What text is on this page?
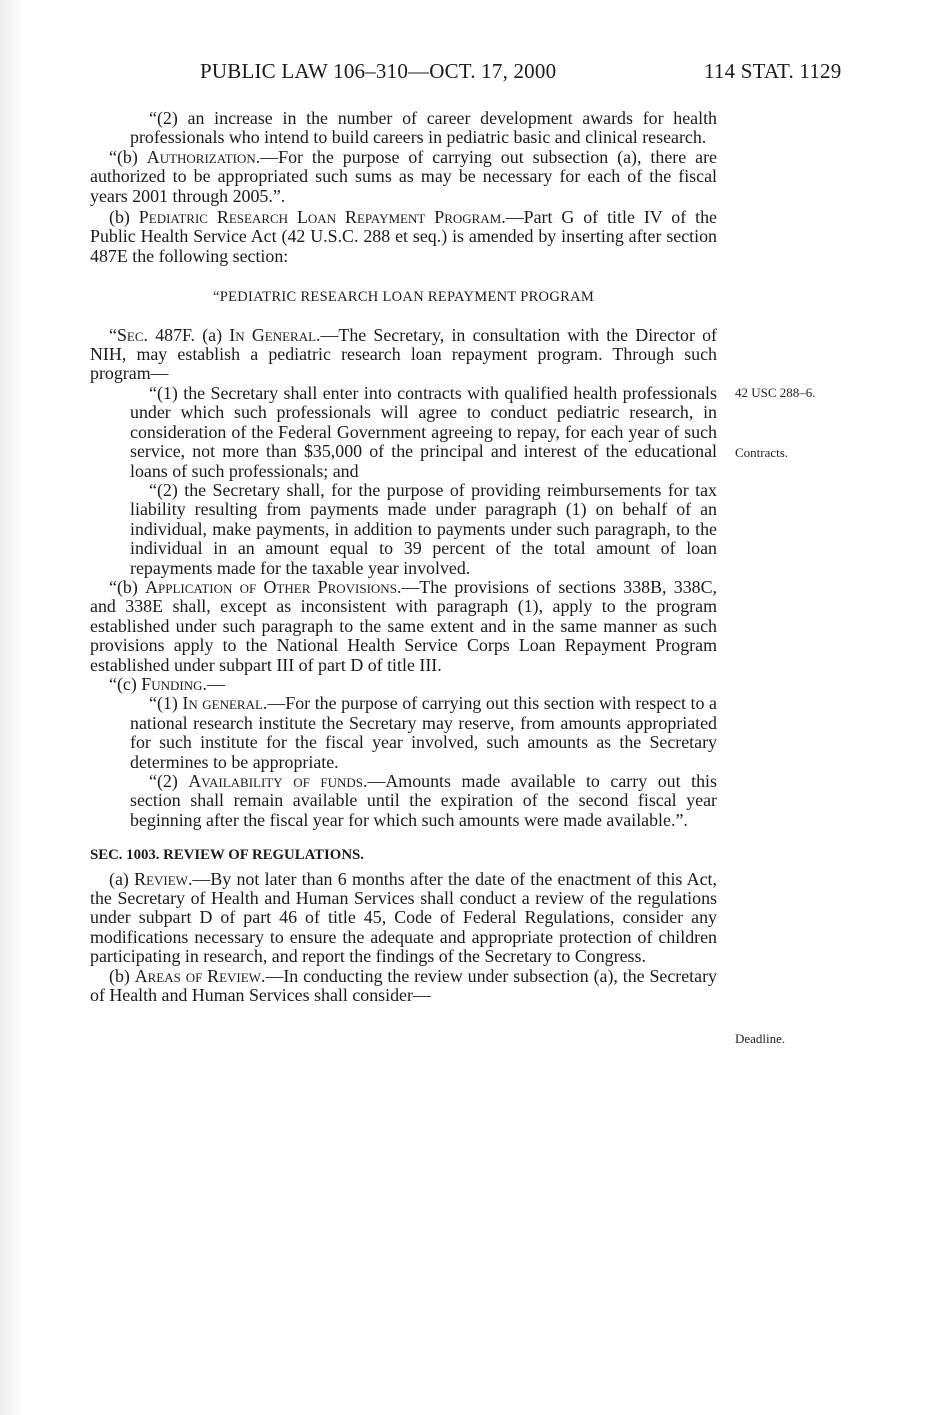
PUBLIC LAW 106–310—OCT. 17, 2000	114 STAT. 1129

“(2) an increase in the number of career development awards for health professionals who intend to build careers in pediatric basic and clinical research.

“(b) Authorization.—For the purpose of carrying out subsection (a), there are authorized to be appropriated such sums as may be necessary for each of the fiscal years 2001 through 2005.”.

(b) Pediatric Research Loan Repayment Program.—Part G of title IV of the Public Health Service Act (42 U.S.C. 288 et seq.) is amended by inserting after section 487E the following section:

“PEDIATRIC RESEARCH LOAN REPAYMENT PROGRAM

“Sec. 487F. (a) In General.—The Secretary, in consultation with the Director of NIH, may establish a pediatric research loan repayment program. Through such program—

“(1) the Secretary shall enter into contracts with qualified health professionals under which such professionals will agree to conduct pediatric research, in consideration of the Federal Government agreeing to repay, for each year of such service, not more than $35,000 of the principal and interest of the educational loans of such professionals; and

“(2) the Secretary shall, for the purpose of providing reimbursements for tax liability resulting from payments made under paragraph (1) on behalf of an individual, make payments, in addition to payments under such paragraph, to the individual in an amount equal to 39 percent of the total amount of loan repayments made for the taxable year involved.

“(b) Application of Other Provisions.—The provisions of sections 338B, 338C, and 338E shall, except as inconsistent with paragraph (1), apply to the program established under such paragraph to the same extent and in the same manner as such provisions apply to the National Health Service Corps Loan Repayment Program established under subpart III of part D of title III.

“(c) Funding.—

“(1) In general.—For the purpose of carrying out this section with respect to a national research institute the Secretary may reserve, from amounts appropriated for such institute for the fiscal year involved, such amounts as the Secretary determines to be appropriate.

“(2) Availability of funds.—Amounts made available to carry out this section shall remain available until the expiration of the second fiscal year beginning after the fiscal year for which such amounts were made available.”.

SEC. 1003. REVIEW OF REGULATIONS.

(a) Review.—By not later than 6 months after the date of the enactment of this Act, the Secretary of Health and Human Services shall conduct a review of the regulations under subpart D of part 46 of title 45, Code of Federal Regulations, consider any modifications necessary to ensure the adequate and appropriate protection of children participating in research, and report the findings of the Secretary to Congress.

(b) Areas of Review.—In conducting the review under subsection (a), the Secretary of Health and Human Services shall consider—

42 USC 288–6.
Contracts.
Deadline.
